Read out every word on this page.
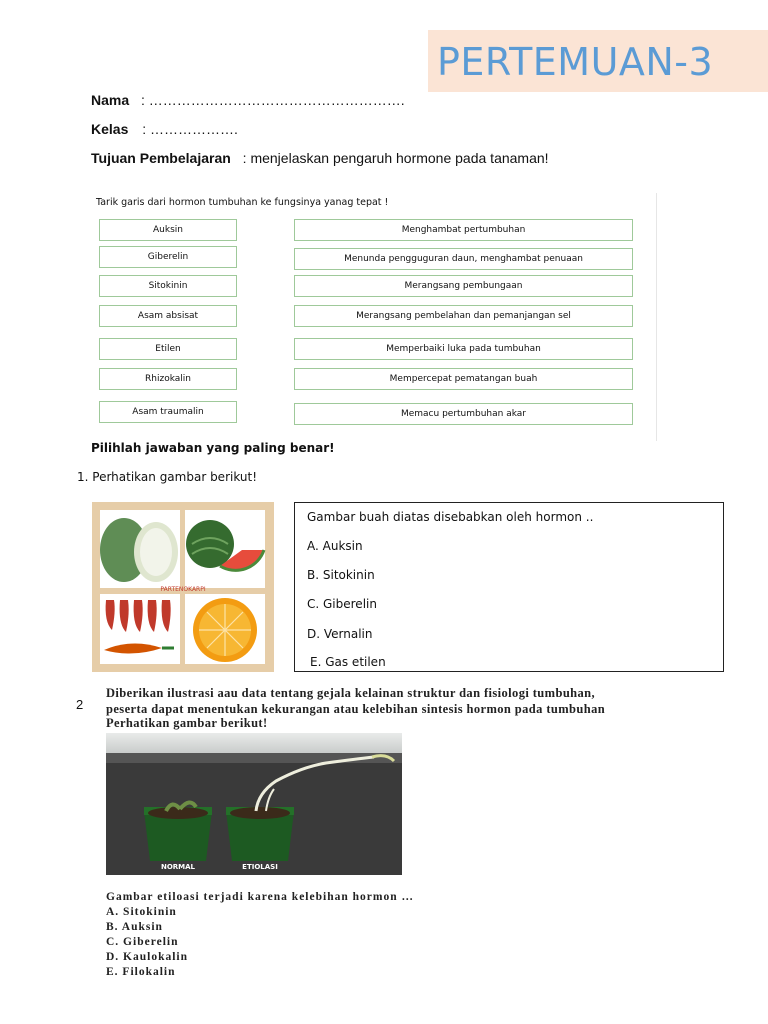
PERTEMUAN-3
Nama : ……………………………………………….
Kelas : ……………….
Tujuan Pembelajaran : menjelaskan pengaruh hormone pada tanaman!
Tarik garis dari hormon tumbuhan ke fungsinya yanag tepat !
Auksin
Giberelin
Sitokinin
Asam absisat
Etilen
Rhizokalin
Asam traumalin
Menghambat pertumbuhan
Menunda pengguguran daun, menghambat penuaan
Merangsang pembungaan
Merangsang pembelahan dan pemanjangan sel
Memperbaiki luka pada tumbuhan
Mempercepat pematangan buah
Memacu pertumbuhan akar
Pilihlah jawaban yang paling benar!
1. Perhatikan gambar berikut!
PARTENOKARPI
Gambar buah diatas disebabkan oleh hormon ..
A. Auksin
B. Sitokinin
C. Giberelin
D. Vernalin
E. Gas etilen
2
Diberikan ilustrasi aau data tentang gejala kelainan struktur dan fisiologi tumbuhan,
peserta dapat menentukan kekurangan atau kelebihan sintesis hormon pada tumbuhan
Perhatikan gambar berikut!
NORMAL	ETIOLASI
Gambar etiloasi terjadi karena kelebihan hormon …
A. Sitokinin
B. Auksin
C. Giberelin
D. Kaulokalin
E. Filokalin
